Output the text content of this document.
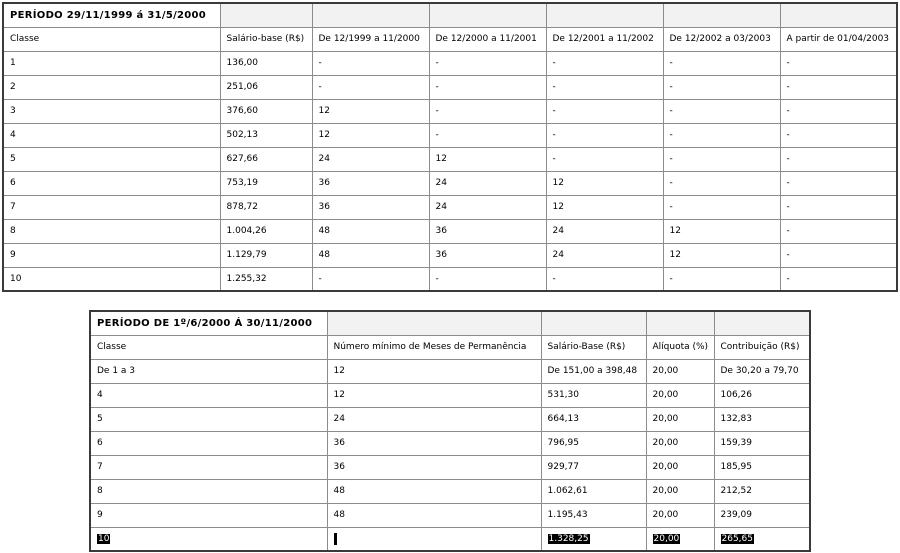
PERÍODO 29/11/1999 á 31/5/2000						
Classe	Salário-base (R$)	De 12/1999 a 11/2000	De 12/2000 a 11/2001	De 12/2001 a 11/2002	De 12/2002 a 03/2003	A partir de 01/04/2003
1	136,00	-	-	-	-	-
2	251,06	-	-	-	-	-
3	376,60	12	-	-	-	-
4	502,13	12	-	-	-	-
5	627,66	24	12	-	-	-
6	753,19	36	24	12	-	-
7	878,72	36	24	12	-	-
8	1.004,26	48	36	24	12	-
9	1.129,79	48	36	24	12	-
10	1.255,32	-	-	-	-	-
PERÍODO DE 1º/6/2000 Á 30/11/2000				
Classe	Número mínimo de Meses de Permanência	Salário-Base (R$)	Alíquota (%)	Contribuição (R$)
De 1 a 3	12	De 151,00 a 398,48	20,00	De 30,20 a 79,70
4	12	531,30	20,00	106,26
5	24	664,13	20,00	132,83
6	36	796,95	20,00	159,39
7	36	929,77	20,00	185,95
8	48	1.062,61	20,00	212,52
9	48	1.195,43	20,00	239,09
10		1.328,25	20,00	265,65
